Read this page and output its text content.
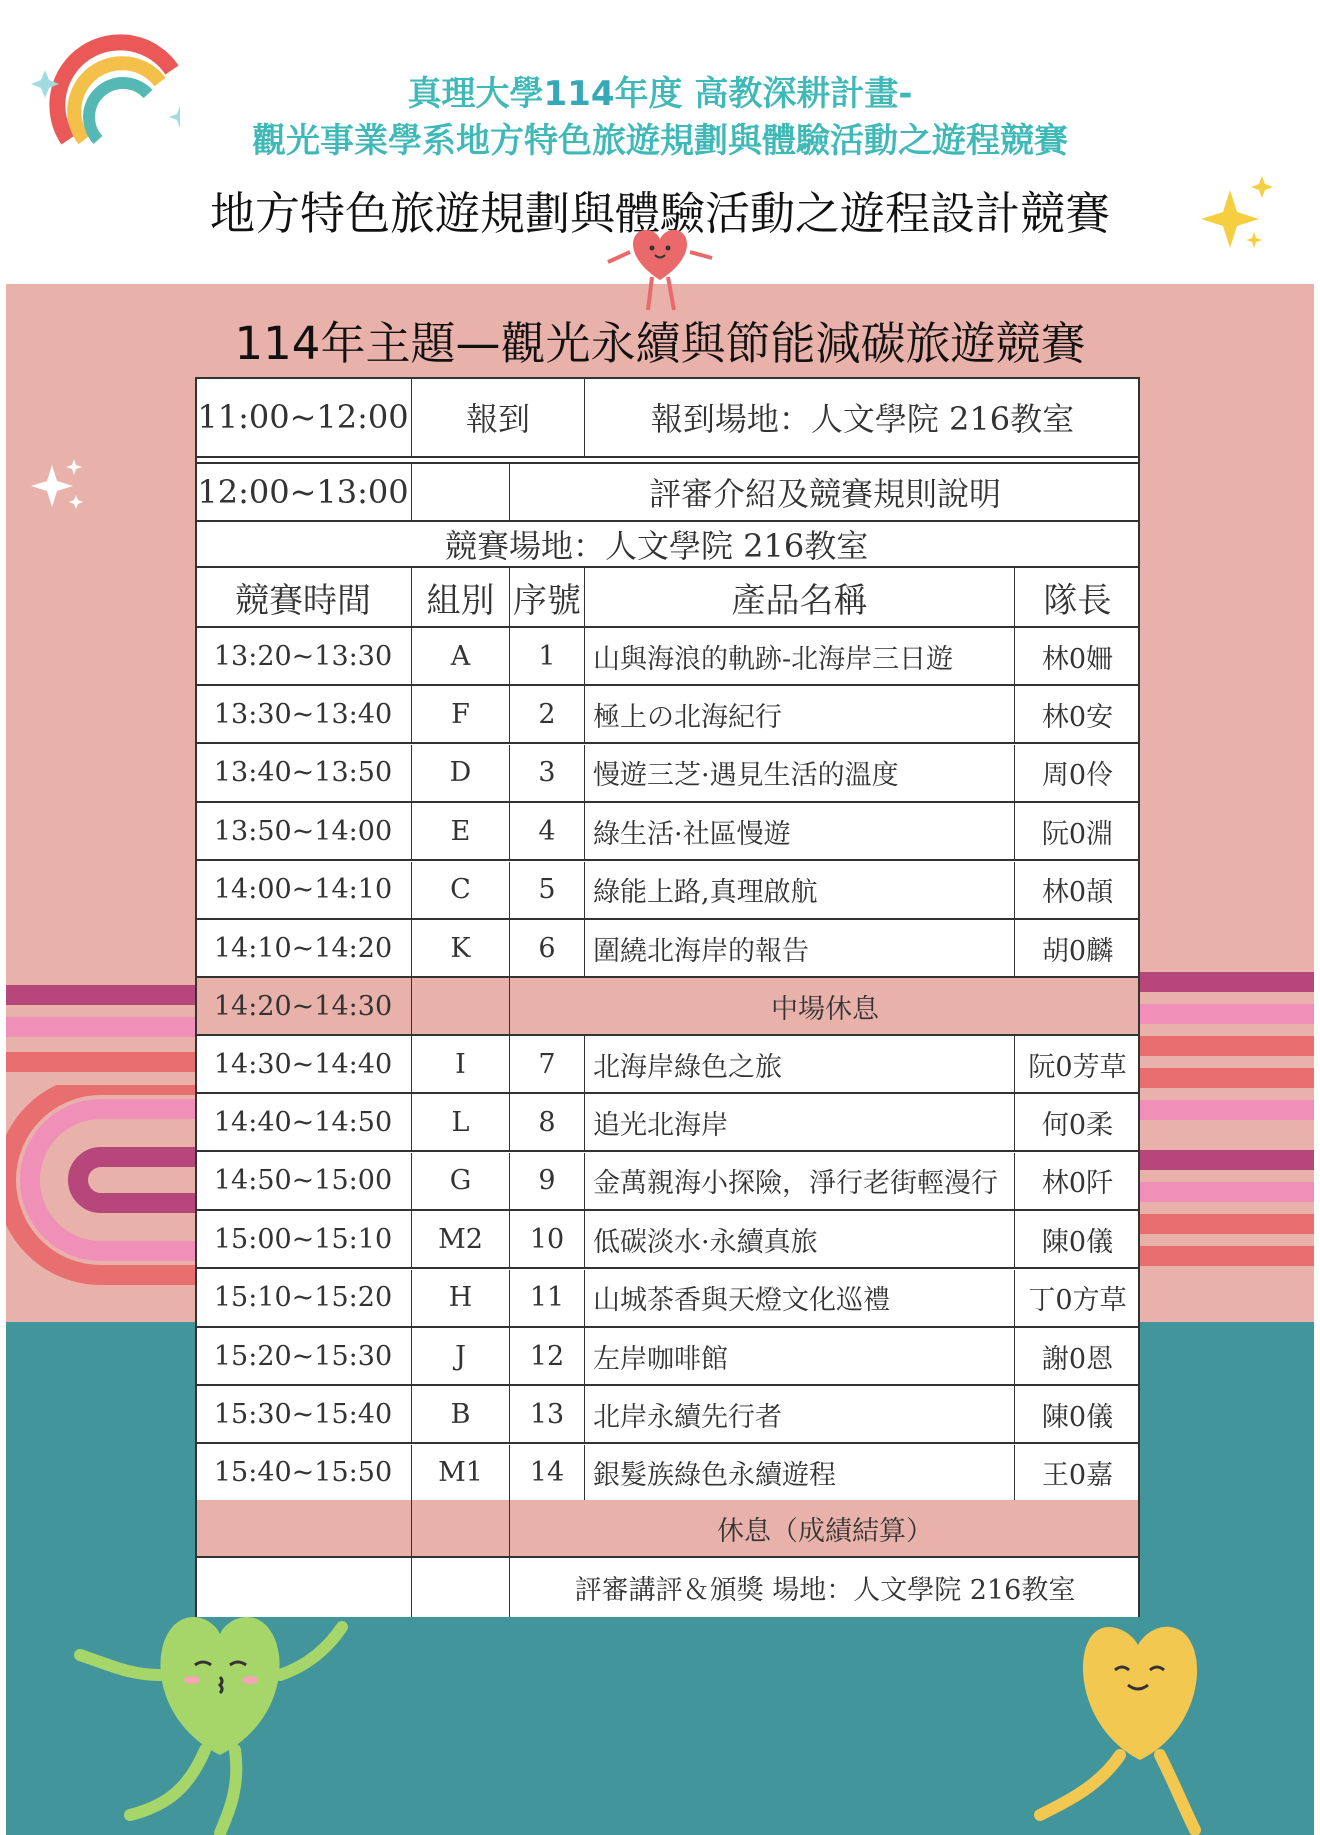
真理大學114年度 高教深耕計畫-
觀光事業學系地方特色旅遊規劃與體驗活動之遊程競賽
地方特色旅遊規劃與體驗活動之遊程設計競賽
114年主題—觀光永續與節能減碳旅遊競賽
11:00~12:00	報到	報到場地：人文學院 216教室
12:00~13:00	評審介紹及競賽規則說明
競賽場地：人文學院 216教室
競賽時間	組別 序號	產品名稱	隊長
13:20~13:30	A	1	山與海浪的軌跡-北海岸三日遊	林0姍
13:30~13:40	F	2	極上の北海紀行	林0安
13:40~13:50	D	3	慢遊三芝·遇見生活的溫度	周0伶
13:50~14:00	E	4	綠生活·社區慢遊	阮0淵
14:00~14:10	C	5	綠能上路,真理啟航	林0頡
14:10~14:20	K	6	圍繞北海岸的報告	胡0麟
14:20~14:30	中場休息
14:30~14:40	I	7	北海岸綠色之旅	阮0芳草
14:40~14:50	L	8	追光北海岸	何0柔
14:50~15:00	G	9	金萬親海小探險，淨行老街輕漫行	林0阡
15:00~15:10	M2	10	低碳淡水·永續真旅	陳0儀
15:10~15:20	H	11	山城茶香與天燈文化巡禮	丁0方草
15:20~15:30	J	12	左岸咖啡館	謝0恩
15:30~15:40	B	13	北岸永續先行者	陳0儀
15:40~15:50	M1	14	銀髮族綠色永續遊程	王0嘉
休息（成績結算）
評審講評＆頒獎 場地：人文學院 216教室
